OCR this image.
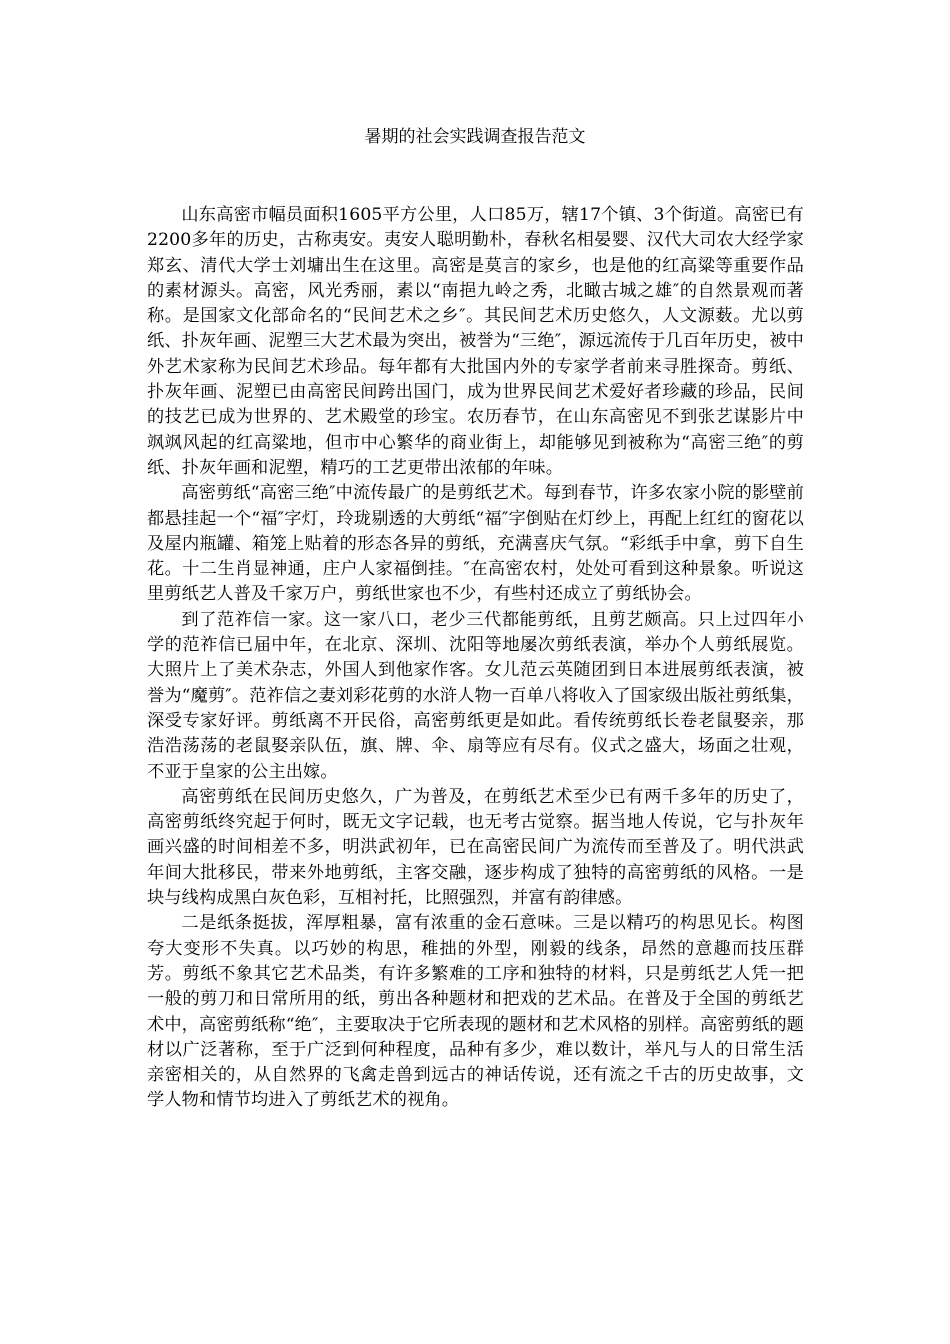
暑期的社会实践调查报告范文

山东高密市幅员面积1605平方公里，人口85万，辖17个镇、3个街道。高密已有2200多年的历史，古称夷安。夷安人聪明勤朴，春秋名相晏婴、汉代大司农大经学家郑玄、清代大学士刘墉出生在这里。高密是莫言的家乡，也是他的红高粱等重要作品的素材源头。高密，风光秀丽，素以“南挹九岭之秀，北瞰古城之雄″的自然景观而著称。是国家文化部命名的“民间艺术之乡″。其民间艺术历史悠久，人文源薮。尤以剪纸、扑灰年画、泥塑三大艺术最为突出，被誉为“三绝″，源远流传于几百年历史，被中外艺术家称为民间艺术珍品。每年都有大批国内外的专家学者前来寻胜探奇。剪纸、扑灰年画、泥塑已由高密民间跨出国门，成为世界民间艺术爱好者珍藏的珍品，民间的技艺已成为世界的、艺术殿堂的珍宝。农历春节，在山东高密见不到张艺谋影片中飒飒风起的红高粱地，但市中心繁华的商业街上，却能够见到被称为“高密三绝″的剪纸、扑灰年画和泥塑，精巧的工艺更带出浓郁的年味。

高密剪纸“高密三绝″中流传最广的是剪纸艺术。每到春节，许多农家小院的影壁前都悬挂起一个“福″字灯，玲珑剔透的大剪纸“福″字倒贴在灯纱上，再配上红红的窗花以及屋内瓶罐、箱笼上贴着的形态各异的剪纸，充满喜庆气氛。“彩纸手中拿，剪下自生花。十二生肖显神通，庄户人家福倒挂。″在高密农村，处处可看到这种景象。听说这里剪纸艺人普及千家万户，剪纸世家也不少，有些村还成立了剪纸协会。

到了范祚信一家。这一家八口，老少三代都能剪纸，且剪艺颇高。只上过四年小学的范祚信已届中年，在北京、深圳、沈阳等地屡次剪纸表演，举办个人剪纸展览。大照片上了美术杂志，外国人到他家作客。女儿范云英随团到日本进展剪纸表演，被誉为“魔剪″。范祚信之妻刘彩花剪的水浒人物一百单八将收入了国家级出版社剪纸集，深受专家好评。剪纸离不开民俗，高密剪纸更是如此。看传统剪纸长卷老鼠娶亲，那浩浩荡荡的老鼠娶亲队伍，旗、牌、伞、扇等应有尽有。仪式之盛大，场面之壮观，不亚于皇家的公主出嫁。

高密剪纸在民间历史悠久，广为普及，在剪纸艺术至少已有两千多年的历史了，高密剪纸终究起于何时，既无文字记载，也无考古觉察。据当地人传说，它与扑灰年画兴盛的时间相差不多，明洪武初年，已在高密民间广为流传而至普及了。明代洪武年间大批移民，带来外地剪纸，主客交融，逐步构成了独特的高密剪纸的风格。一是块与线构成黑白灰色彩，互相衬托，比照强烈，并富有韵律感。

二是纸条挺拔，浑厚粗暴，富有浓重的金石意味。三是以精巧的构思见长。构图夸大变形不失真。以巧妙的构思，稚拙的外型，刚毅的线条，昂然的意趣而技压群芳。剪纸不象其它艺术品类，有许多繁难的工序和独特的材料，只是剪纸艺人凭一把一般的剪刀和日常所用的纸，剪出各种题材和把戏的艺术品。在普及于全国的剪纸艺术中，高密剪纸称“绝″，主要取决于它所表现的题材和艺术风格的别样。高密剪纸的题材以广泛著称，至于广泛到何种程度，品种有多少，难以数计，举凡与人的日常生活亲密相关的，从自然界的飞禽走兽到远古的神话传说，还有流之千古的历史故事，文学人物和情节均进入了剪纸艺术的视角。
